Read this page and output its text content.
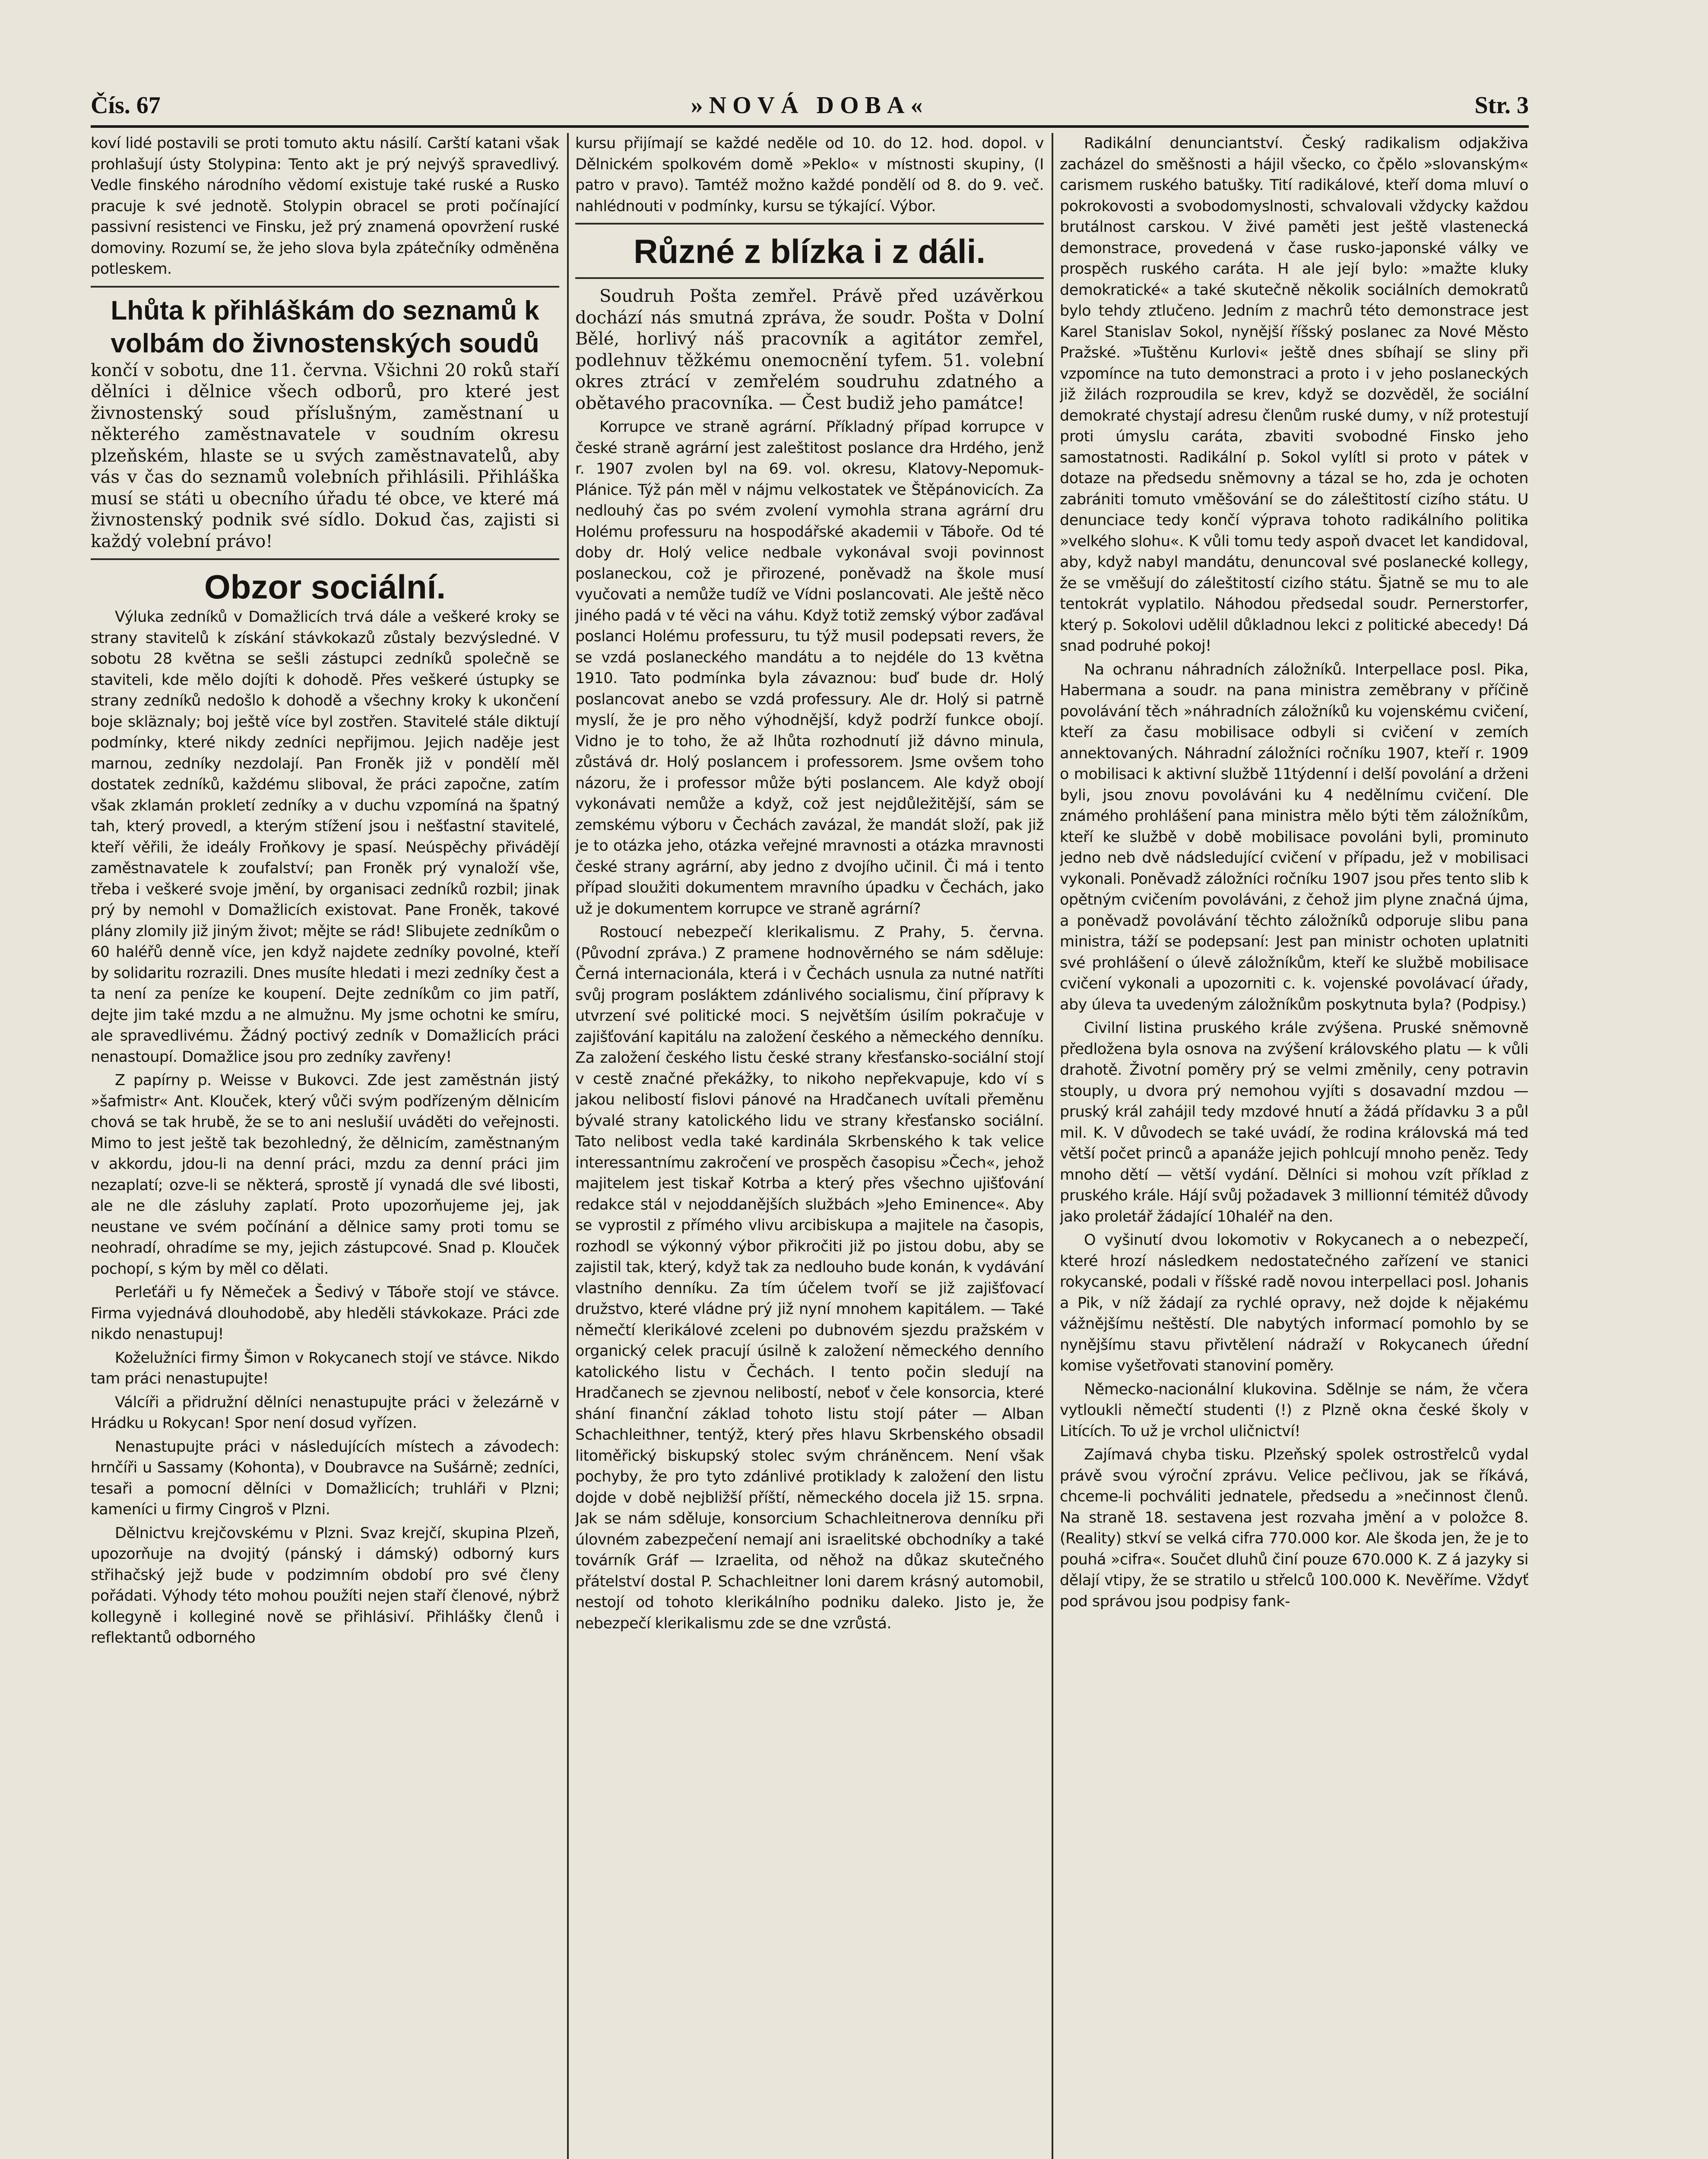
Čís. 67	»NOVÁ DOBA«	Str. 3

koví lidé postavili se proti tomuto aktu násilí. Carští katani však prohlašují ústy Stolypina: Tento akt je prý nejvýš spravedlivý. Vedle finského národního vědomí existuje také ruské a Rusko pracuje k své jednotě. Stolypin obracel se proti počínající passivní resistenci ve Finsku, jež prý znamená opovržení ruské domoviny. Rozumí se, že jeho slova byla zpátečníky odměněna potleskem.

Lhůta k přihláškám do seznamů k volbám do živnostenských soudů

končí v sobotu, dne 11. června. Všichni 20 roků staří dělníci i dělnice všech odborů, pro které jest živnostenský soud příslušným, zaměstnaní u některého zaměstnavatele v soudním okresu plzeňském, hlaste se u svých zaměstnavatelů, aby vás v čas do seznamů volebních přihlásili. Přihláška musí se státi u obecního úřadu té obce, ve které má živnostenský podnik své sídlo. Dokud čas, zajisti si každý volební právo!

Obzor sociální.

Výluka zedníků v Domažlicích trvá dále a veškeré kroky se strany stavitelů k získání stávkokazů zůstaly bezvýsledné. V sobotu 28 května se sešli zástupci zedníků společně se staviteli, kde mělo dojíti k dohodě. Přes veškeré ústupky se strany zedníků nedošlo k dohodě a všechny kroky k ukončení boje skläznaly; boj ještě více byl zostřen. Stavitelé stále diktují podmínky, které nikdy zedníci nepřijmou. Jejich naděje jest marnou, zedníky nezdolají. Pan Froněk již v pondělí měl dostatek zedníků, každému sliboval, že práci započne, zatím však zklamán prokletí zedníky a v duchu vzpomíná na špatný tah, který provedl, a kterým stížení jsou i nešťastní stavitelé, kteří věřili, že ideály Froňkovy je spasí. Neúspěchy přivádějí zaměstnavatele k zoufalství; pan Froněk prý vynaloží vše, třeba i veškeré svoje jmění, by organisaci zedníků rozbil; jinak prý by nemohl v Domažlicích existovat. Pane Froněk, takové plány zlomily již jiným život; mějte se rád! Slibujete zedníkům o 60 haléřů denně více, jen když najdete zedníky povolné, kteří by solidaritu rozrazili. Dnes musíte hledati i mezi zedníky čest a ta není za peníze ke koupení. Dejte zedníkům co jim patří, dejte jim také mzdu a ne almužnu. My jsme ochotni ke smíru, ale spravedlivému. Žádný poctivý zedník v Domažlicích práci nenastoupí. Domažlice jsou pro zedníky zavřeny!

Z papírny p. Weisse v Bukovci. Zde jest zaměstnán jistý »šafmistr« Ant. Klouček, který vůči svým podřízeným dělnicím chová se tak hrubě, že se to ani neslušií uváděti do veřejnosti. Mimo to jest ještě tak bezohledný, že dělnicím, zaměstnaným v akkordu, jdou-li na denní práci, mzdu za denní práci jim nezaplatí; ozve-li se některá, sprostě jí vynadá dle své libosti, ale ne dle zásluhy zaplatí. Proto upozorňujeme jej, jak neustane ve svém počínání a dělnice samy proti tomu se neohradí, ohradíme se my, jejich zástupcové. Snad p. Klouček pochopí, s kým by měl co dělati.

Perleťáři u fy Němeček a Šedivý v Táboře stojí ve stávce. Firma vyjednává dlouhodobě, aby hleděli stávkokaze. Práci zde nikdo nenastupuj!

Koželužníci firmy Šimon v Rokycanech stojí ve stávce. Nikdo tam práci nenastupujte!

Válcíři a přidružní dělníci nenastupujte práci v železárně v Hrádku u Rokycan! Spor není dosud vyřízen.

Nenastupujte práci v následujících místech a závodech: hrnčíři u Sassamy (Kohonta), v Doubravce na Sušárně; zedníci, tesaři a pomocní dělníci v Domažlicích; truhláři v Plzni; kameníci u firmy Cingroš v Plzni.

Dělnictvu krejčovskému v Plzni. Svaz krejčí, skupina Plzeň, upozorňuje na dvojitý (pánský i dámský) odborný kurs střihačský jejž bude v podzimním období pro své členy pořádati. Výhody této mohou použíti nejen staří členové, nýbrž kollegyně i kolleginé nově se přihlásiví. Přihlášky členů i reflektantů odborného

kursu přijímají se každé neděle od 10. do 12. hod. dopol. v Dělnickém spolkovém domě »Peklo« v místnosti skupiny, (I patro v pravo). Tamtéž možno každé pondělí od 8. do 9. več. nahlédnouti v podmínky, kursu se týkající. Výbor.

Různé z blízka i z dáli.

Soudruh Pošta zemřel. Právě před uzávěrkou dochází nás smutná zpráva, že soudr. Pošta v Dolní Bělé, horlivý náš pracovník a agitátor zemřel, podlehnuv těžkému onemocnění tyfem. 51. volební okres ztrácí v zemřelém soudruhu zdatného a obětavého pracovníka. — Čest budiž jeho památce!

Korrupce ve straně agrární. Příkladný případ korrupce v české straně agrární jest zaleštitost poslance dra Hrdého, jenž r. 1907 zvolen byl na 69. vol. okresu, Klatovy-Nepomuk-Plánice. Týž pán měl v nájmu velkostatek ve Štěpánovicích. Za nedlouhý čas po svém zvolení vymohla strana agrární dru Holému professuru na hospodářské akademii v Táboře. Od té doby dr. Holý velice nedbale vykonával svoji povinnost poslaneckou, což je přirozené, poněvadž na škole musí vyučovati a nemůže tudíž ve Vídni poslancovati. Ale ještě něco jiného padá v té věci na váhu. Když totiž zemský výbor zaďával poslanci Holému professuru, tu týž musil podepsati revers, že se vzdá poslaneckého mandátu a to nejdéle do 13 května 1910. Tato podmínka byla závaznou: buď bude dr. Holý poslancovat anebo se vzdá professury. Ale dr. Holý si patrně myslí, že je pro něho výhodnější, když podrží funkce obojí. Vidno je to toho, že až lhůta rozhodnutí již dávno minula, zůstává dr. Holý poslancem i professorem. Jsme ovšem toho názoru, že i professor může býti poslancem. Ale když obojí vykonávati nemůže a když, což jest nejdůležitější, sám se zemskému výboru v Čechách zavázal, že mandát složí, pak již je to otázka jeho, otázka veřejné mravnosti a otázka mravnosti české strany agrární, aby jedno z dvojího učinil. Či má i tento případ sloužiti dokumentem mravního úpadku v Čechách, jako už je dokumentem korrupce ve straně agrární?

Rostoucí nebezpečí klerikalismu. Z Prahy, 5. června. (Původní zpráva.) Z pramene hodnověrného se nám sděluje: Černá internacionála, která i v Čechách usnula za nutné natříti svůj program posláktem zdánlivého socialismu, činí přípravy k utvrzení své politické moci. S největším úsilím pokračuje v zajišťování kapitálu na založení českého a německého denníku. Za založení českého listu české strany křesťansko-sociální stojí v cestě značné překážky, to nikoho nepřekvapuje, kdo ví s jakou nelibostí fislovi pánové na Hradčanech uvítali přeměnu bývalé strany katolického lidu ve strany křesťansko sociální. Tato nelibost vedla také kardinála Skrbenského k tak velice interessantnímu zakročení ve prospěch časopisu »Čech«, jehož majitelem jest tiskař Kotrba a který přes všechno ujišťování redakce stál v nejoddanějších službách »Jeho Eminence«. Aby se vyprostil z přímého vlivu arcibiskupa a majitele na časopis, rozhodl se výkonný výbor přikročiti již po jistou dobu, aby se zajistil tak, který, když tak za nedlouho bude konán, k vydávání vlastního denníku. Za tím účelem tvoří se již zajišťovací družstvo, které vládne prý již nyní mnohem kapitálem. — Také němečtí klerikálové zceleni po dubnovém sjezdu pražském v organický celek pracují úsilně k založení německého denního katolického listu v Čechách. I tento počin sledují na Hradčanech se zjevnou nelibostí, neboť v čele konsorcia, které shání finanční základ tohoto listu stojí páter — Alban Schachleithner, tentýž, který přes hlavu Skrbenského obsadil litoměřický biskupský stolec svým chráněncem. Není však pochyby, že pro tyto zdánlivé protiklady k založení den listu dojde v době nejbližší příští, německého docela již 15. srpna. Jak se nám sděluje, konsorcium Schachleitnerova denníku při úlovném zabezpečení nemají ani israelitské obchodníky a také továrník Gráf — Izraelita, od něhož na důkaz skutečného přátelství dostal P. Schachleitner loni darem krásný automobil, nestojí od tohoto klerikálního podniku daleko. Jisto je, že nebezpečí klerikalismu zde se dne vzrůstá.

Radikální denunciantství. Český radikalism odjakživa zacházel do směšnosti a hájil všecko, co čpělo »slovanským« carismem ruského batušky. Tití radikálové, kteří doma mluví o pokrokovosti a svobodomyslnosti, schvalovali vždycky každou brutálnost carskou. V živé paměti jest ještě vlastenecká demonstrace, provedená v čase rusko-japonské války ve prospěch ruského caráta. H ale její bylo: »mažte kluky demokratické« a také skutečně několik sociálních demokratů bylo tehdy ztlučeno. Jedním z machrů této demonstrace jest Karel Stanislav Sokol, nynější říšský poslanec za Nové Město Pražské. »Tuštěnu Kurlovi« ještě dnes sbíhají se sliny při vzpomínce na tuto demonstraci a proto i v jeho poslaneckých již žilách rozproudila se krev, když se dozvěděl, že sociální demokraté chystají adresu členům ruské dumy, v níž protestují proti úmyslu caráta, zbaviti svobodné Finsko jeho samostatnosti. Radikální p. Sokol vylítl si proto v pátek v dotaze na předsedu sněmovny a tázal se ho, zda je ochoten zabrániti tomuto vměšování se do záleštitostí cizího státu. U denunciace tedy končí výprava tohoto radikálního politika »velkého slohu«. K vůli tomu tedy aspoň dvacet let kandidoval, aby, když nabyl mandátu, denuncoval své poslanecké kollegy, že se vměšují do záleštitostí cizího státu. Šjatně se mu to ale tentokrát vyplatilo. Náhodou předsedal soudr. Pernerstorfer, který p. Sokolovi udělil důkladnou lekci z politické abecedy! Dá snad podruhé pokoj!

Na ochranu náhradních záložníků. Interpellace posl. Pika, Habermana a soudr. na pana ministra zeměbrany v příčině povolávání těch »náhradních záložníků ku vojenskému cvičení, kteří za času mobilisace odbyli si cvičení v zemích annektovaných. Náhradní záložníci ročníku 1907, kteří r. 1909 o mobilisaci k aktivní službě 11týdenní i delší povolání a drženi byli, jsou znovu povoláváni ku 4 nedělnímu cvičení. Dle známého prohlášení pana ministra mělo býti těm záložníkům, kteří ke službě v době mobilisace povoláni byli, prominuto jedno neb dvě nádsledující cvičení v případu, jež v mobilisaci vykonali. Poněvadž záložníci ročníku 1907 jsou přes tento slib k opětným cvičením povoláváni, z čehož jim plyne značná újma, a poněvadž povolávání těchto záložníků odporuje slibu pana ministra, táží se podepsaní: Jest pan ministr ochoten uplatniti své prohlášení o úlevě záložníkům, kteří ke službě mobilisace cvičení vykonali a upozorniti c. k. vojenské povolávací úřady, aby úleva ta uvedeným záložníkům poskytnuta byla? (Podpisy.)

Civilní listina pruského krále zvýšena. Pruské sněmovně předložena byla osnova na zvýšení královského platu — k vůli drahotě. Životní poměry prý se velmi změnily, ceny potravin stouply, u dvora prý nemohou vyjíti s dosavadní mzdou — pruský král zahájil tedy mzdové hnutí a žádá přídavku 3 a půl mil. K. V důvodech se také uvádí, že rodina královská má teď větší počet princů a apanáže jejich pohlcují mnoho peněz. Tedy mnoho dětí — větší vydání. Dělníci si mohou vzít příklad z pruského krále. Hájí svůj požadavek 3 millionní témitéž důvody jako proletář žádající 10haléř na den.

O vyšinutí dvou lokomotiv v Rokycanech a o nebezpečí, které hrozí následkem nedostatečného zařízení ve stanici rokycanské, podali v říšské radě novou interpellaci posl. Johanis a Pik, v níž žádají za rychlé opravy, než dojde k nějakému vážnějšímu neštěstí. Dle nabytých informací pomohlo by se nynějšímu stavu přivtělení nádraží v Rokycanech úřední komise vyšetřovati stanoviní poměry.

Německo-nacionální klukovina. Sdělnje se nám, že včera vytloukli němečtí studenti (!) z Plzně okna české školy v Litících. To už je vrchol uličnictví!

Zajímavá chyba tisku. Plzeňský spolek ostrostřelců vydal právě svou výroční zprávu. Velice pečlivou, jak se říkává, chceme-li pochváliti jednatele, předsedu a »nečinnost členů. Na straně 18. sestavena jest rozvaha jmění a v položce 8. (Reality) stkví se velká cifra 770.000 kor. Ale škoda jen, že je to pouhá »cifra«. Součet dluhů činí pouze 670.000 K. Z á jazyky si dělají vtipy, že se stratilo u střelců 100.000 K. Nevěříme. Vždyť pod správou jsou podpisy fank-
